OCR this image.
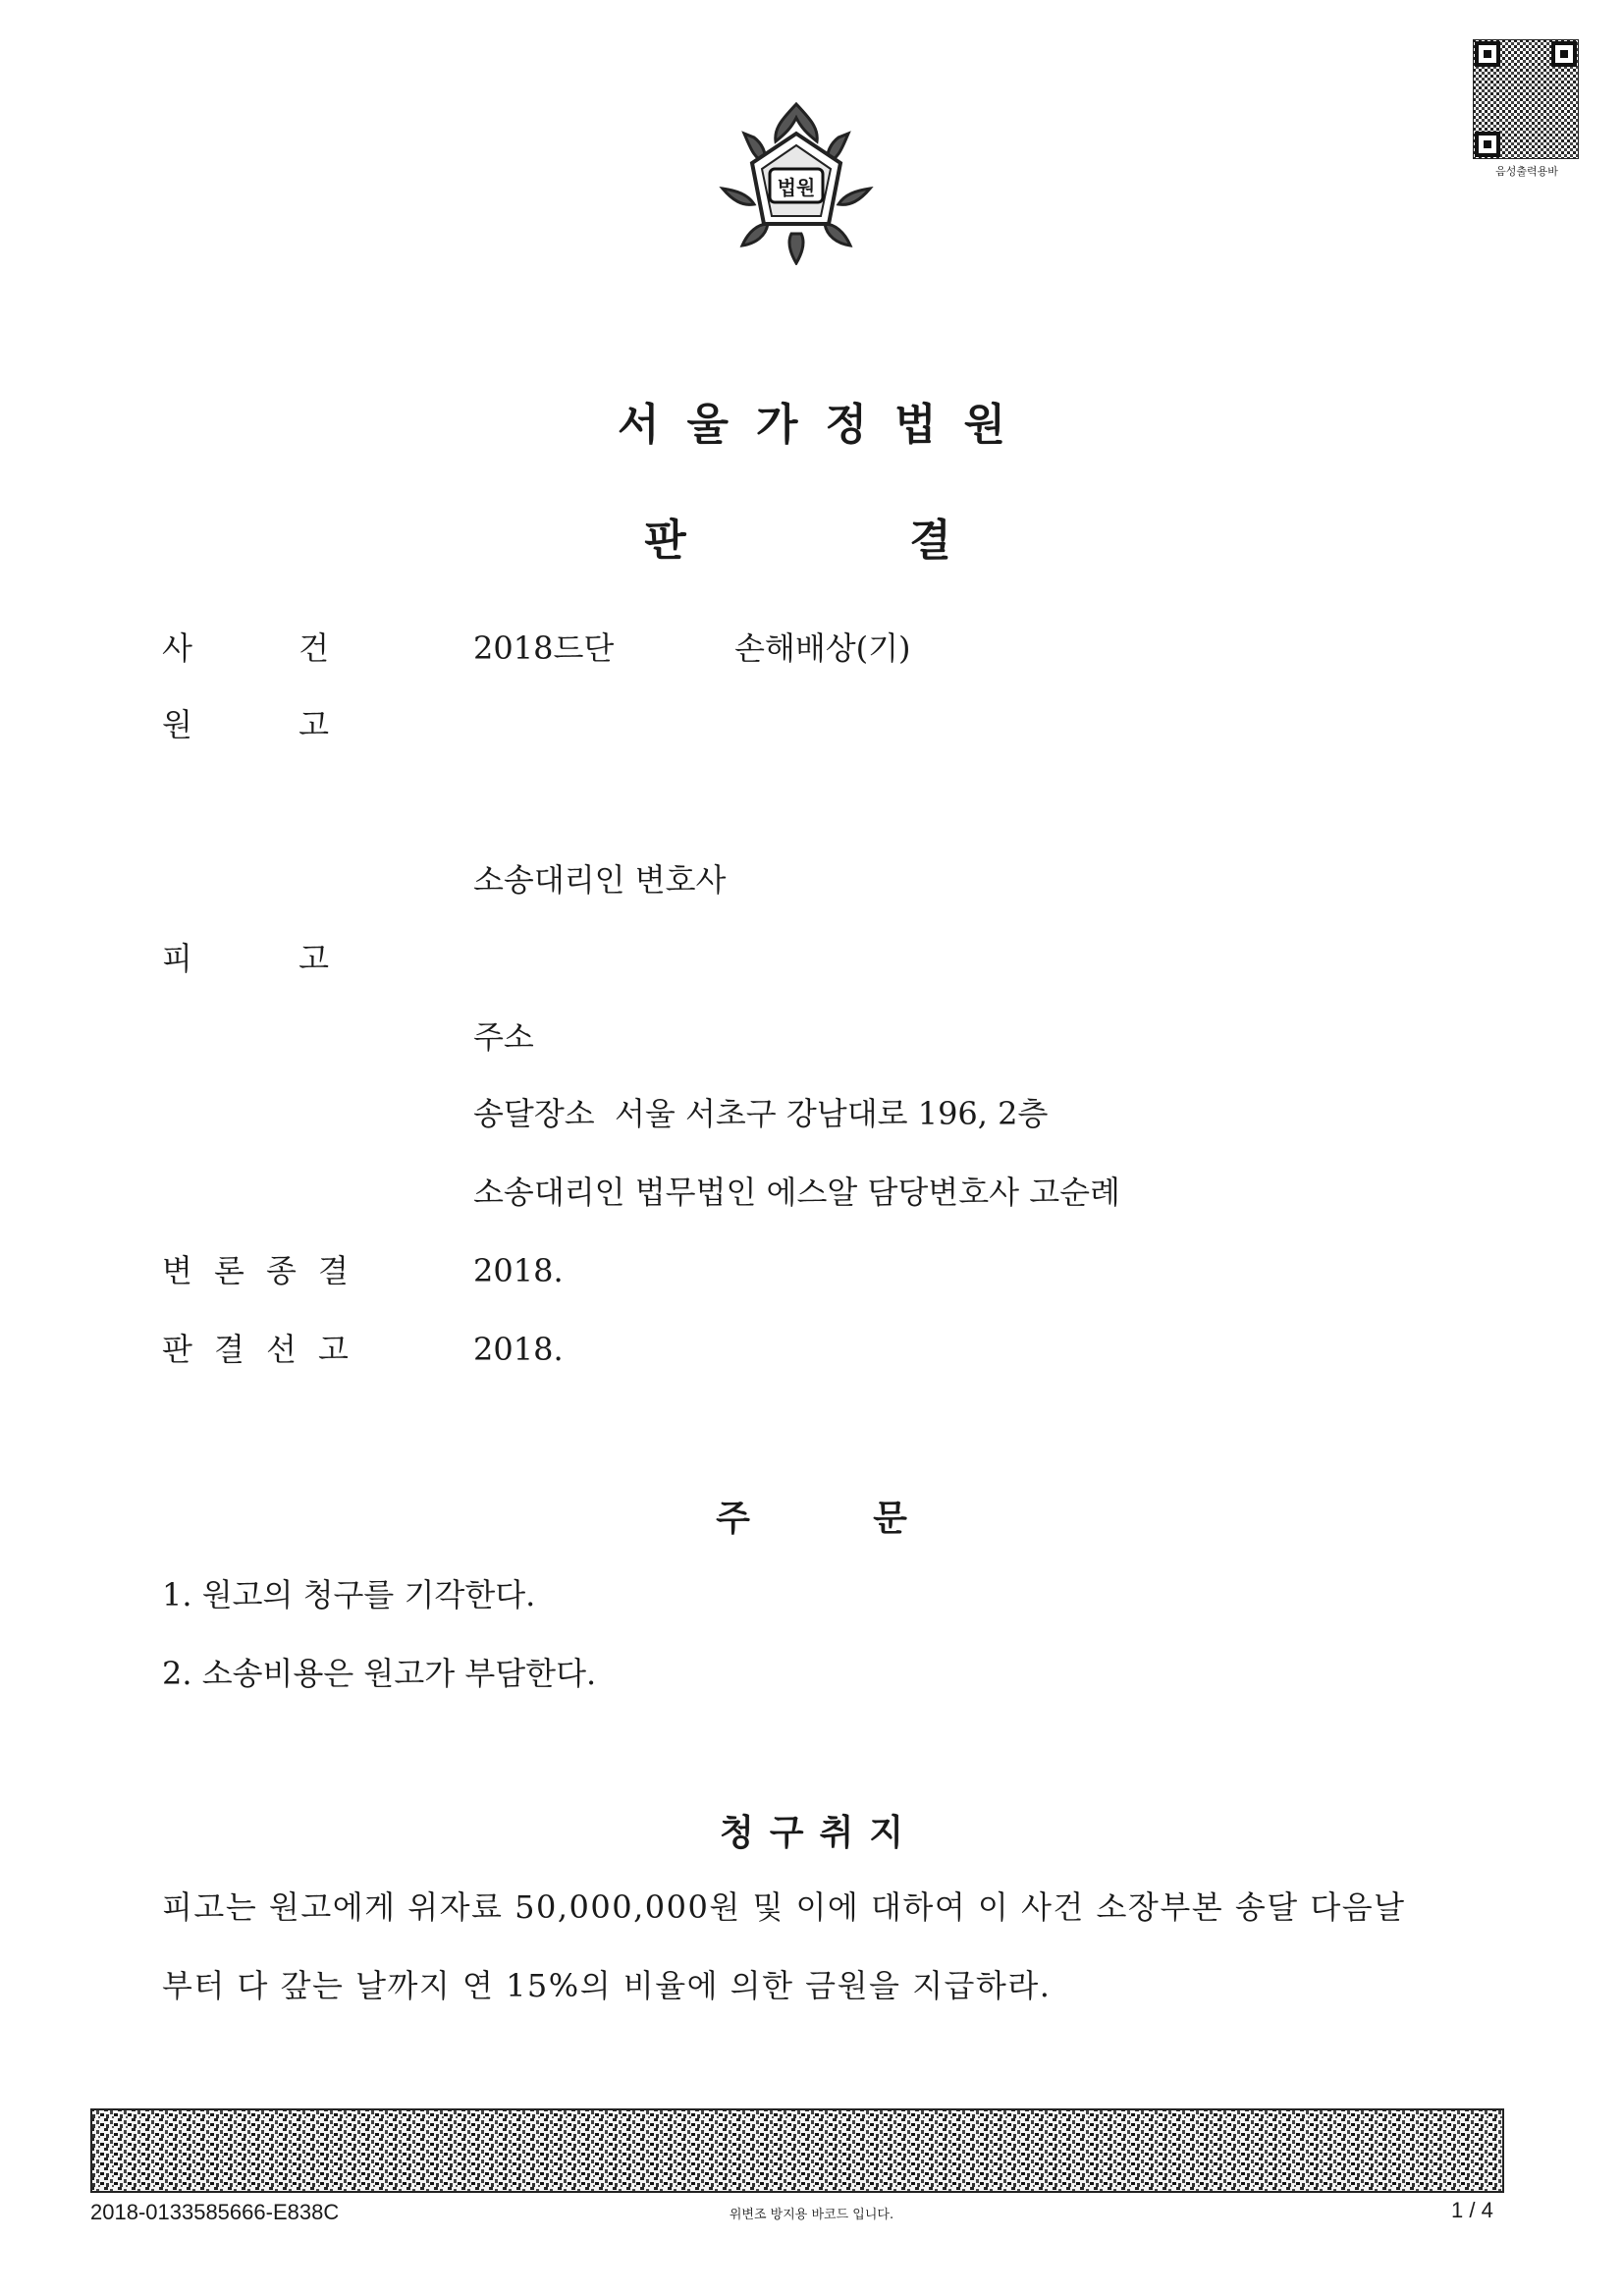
법원
음성출력용바
서울가정법원
판	결
사	건	2018드단	손해배상(기)
원	고
소송대리인 변호사
피	고
주소
송달장소  서울 서초구 강남대로 196, 2층
소송대리인 법무법인 에스알 담당변호사 고순례
변 론 종 결	2018.
판 결 선 고	2018.
주	문
1. 원고의 청구를 기각한다.
2. 소송비용은 원고가 부담한다.
청구취지
피고는 원고에게 위자료 50,000,000원 및 이에 대하여 이 사건 소장부본 송달 다음날
부터 다 갚는 날까지 연 15%의 비율에 의한 금원을 지급하라.
2018-0133585666-E838C	위변조 방지용 바코드 입니다.	1 / 4
